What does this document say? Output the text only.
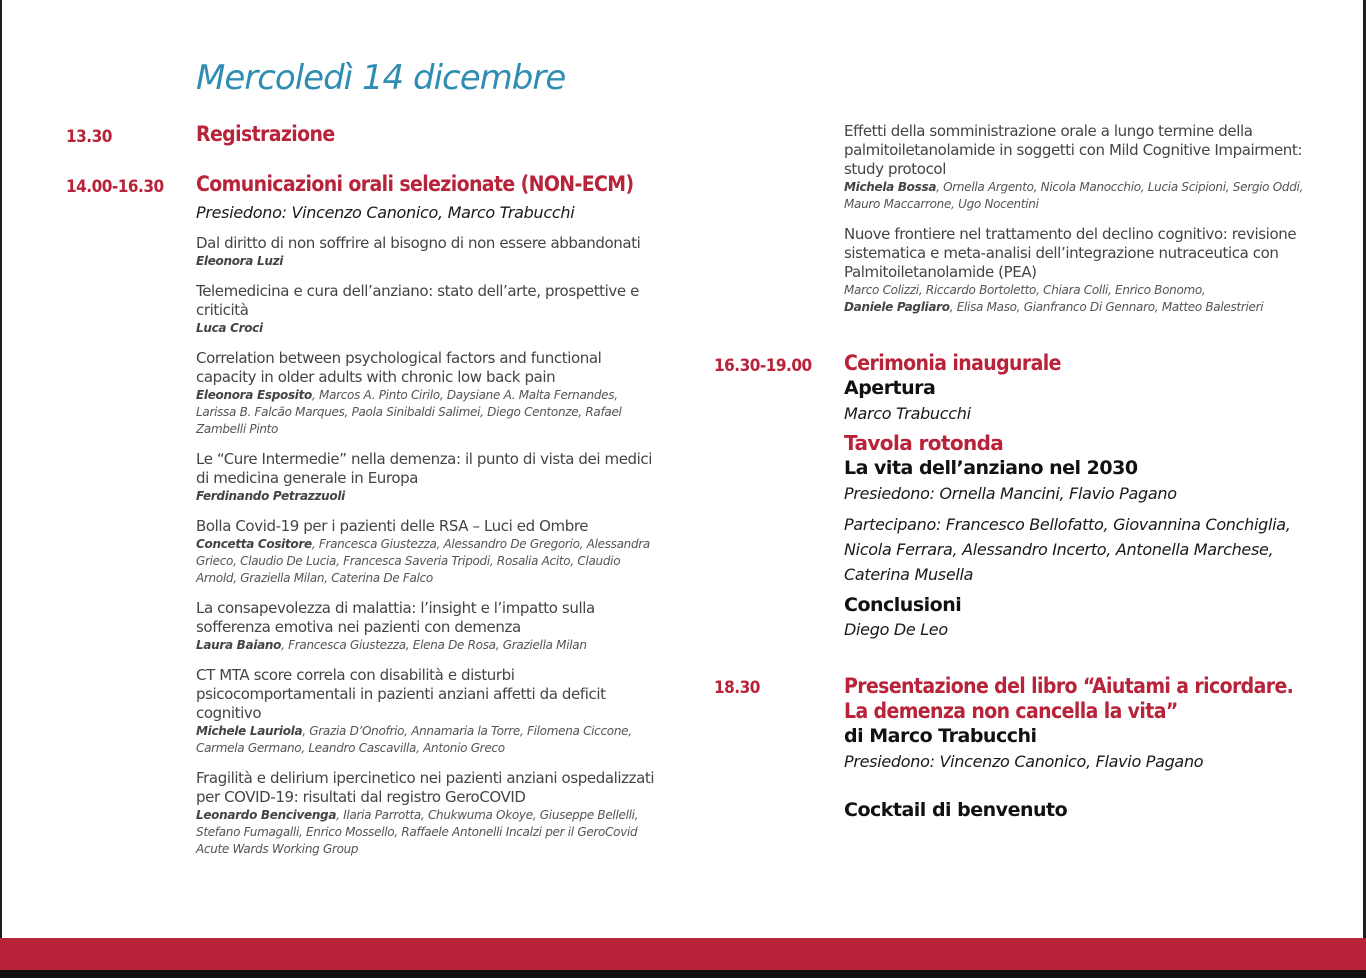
Mercoledì 14 dicembre
13.30	Registrazione
14.00-16.30 Comunicazioni orali selezionate (NON-ECM)
Presiedono: Vincenzo Canonico, Marco Trabucchi
Dal diritto di non soffrire al bisogno di non essere abbandonati
Eleonora Luzi
Telemedicina e cura dell’anziano: stato dell’arte, prospettive e criticità
Luca Croci
Correlation between psychological factors and functional capacity in older adults with chronic low back pain
Eleonora Esposito, Marcos A. Pinto Cirilo, Daysiane A. Malta Fernandes, Larissa B. Falcão Marques, Paola Sinibaldi Salimei, Diego Centonze, Rafael Zambelli Pinto
Le “Cure Intermedie” nella demenza: il punto di vista dei medici di medicina generale in Europa
Ferdinando Petrazzuoli
Bolla Covid-19 per i pazienti delle RSA – Luci ed Ombre
Concetta Cositore, Francesca Giustezza, Alessandro De Gregorio, Alessandra Grieco, Claudio De Lucia, Francesca Saveria Tripodi, Rosalia Acito, Claudio Arnold, Graziella Milan, Caterina De Falco
La consapevolezza di malattia: l’insight e l’impatto sulla sofferenza emotiva nei pazienti con demenza
Laura Baiano, Francesca Giustezza, Elena De Rosa, Graziella Milan
CT MTA score correla con disabilità e disturbi psicocomportamentali in pazienti anziani affetti da deficit cognitivo
Michele Lauriola, Grazia D’Onofrio, Annamaria la Torre, Filomena Ciccone, Carmela Germano, Leandro Cascavilla, Antonio Greco
Fragilità e delirium ipercinetico nei pazienti anziani ospedalizzati per COVID-19: risultati dal registro GeroCOVID
Leonardo Bencivenga, Ilaria Parrotta, Chukwuma Okoye, Giuseppe Bellelli, Stefano Fumagalli, Enrico Mossello, Raffaele Antonelli Incalzi per il GeroCovid Acute Wards Working Group
Effetti della somministrazione orale a lungo termine della palmitoiletanolamide in soggetti con Mild Cognitive Impairment: study protocol
Michela Bossa, Ornella Argento, Nicola Manocchio, Lucia Scipioni, Sergio Oddi, Mauro Maccarrone, Ugo Nocentini
Nuove frontiere nel trattamento del declino cognitivo: revisione sistematica e meta-analisi dell’integrazione nutraceutica con Palmitoiletanolamide (PEA)
Marco Colizzi, Riccardo Bortoletto, Chiara Colli, Enrico Bonomo,
Daniele Pagliaro, Elisa Maso, Gianfranco Di Gennaro, Matteo Balestrieri
16.30-19.00 Cerimonia inaugurale
Apertura
Marco Trabucchi
Tavola rotonda
La vita dell’anziano nel 2030
Presiedono: Ornella Mancini, Flavio Pagano
Partecipano: Francesco Bellofatto, Giovannina Conchiglia, Nicola Ferrara, Alessandro Incerto, Antonella Marchese, Caterina Musella
Conclusioni
Diego De Leo
18.30	Presentazione del libro “Aiutami a ricordare.
La demenza non cancella la vita”
di Marco Trabucchi
Presiedono: Vincenzo Canonico, Flavio Pagano
Cocktail di benvenuto
